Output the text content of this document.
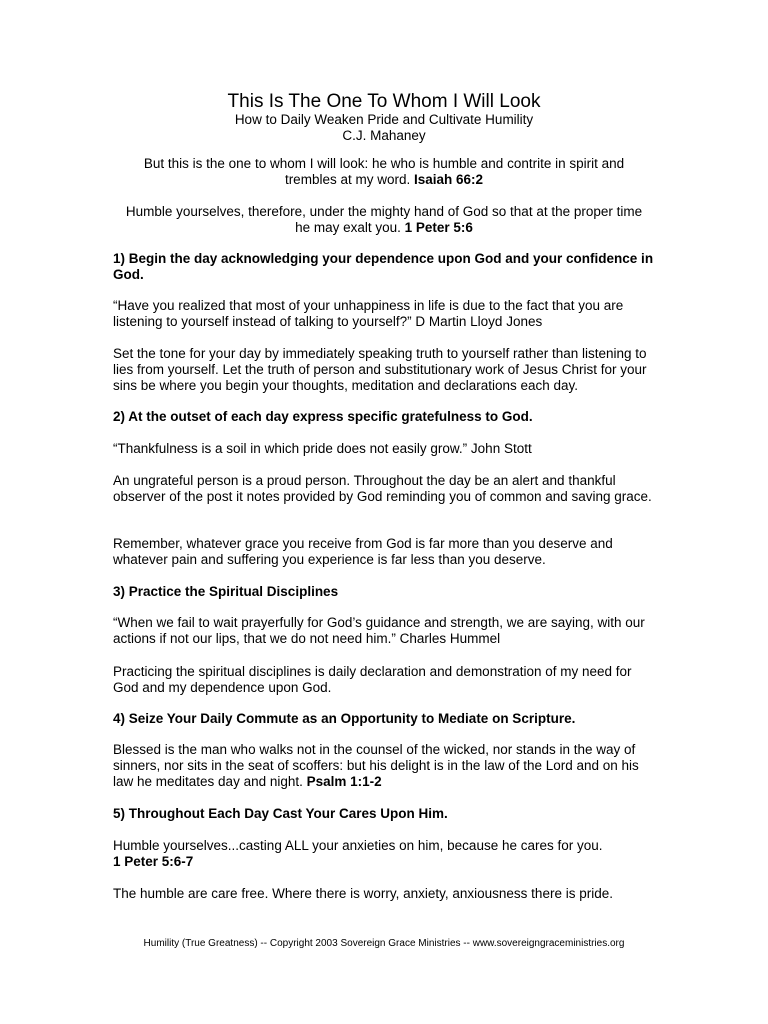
This Is The One To Whom I Will Look
How to Daily Weaken Pride and Cultivate Humility
C.J. Mahaney
But this is the one to whom I will look: he who is humble and contrite in spirit and trembles at my word. Isaiah 66:2
Humble yourselves, therefore, under the mighty hand of God so that at the proper time he may exalt you. 1 Peter 5:6

1) Begin the day acknowledging your dependence upon God and your confidence in God.

“Have you realized that most of your unhappiness in life is due to the fact that you are listening to yourself instead of talking to yourself?” D Martin Lloyd Jones

Set the tone for your day by immediately speaking truth to yourself rather than listening to lies from yourself. Let the truth of person and substitutionary work of Jesus Christ for your sins be where you begin your thoughts, meditation and declarations each day.

2) At the outset of each day express specific gratefulness to God.

“Thankfulness is a soil in which pride does not easily grow.” John Stott

An ungrateful person is a proud person. Throughout the day be an alert and thankful observer of the post it notes provided by God reminding you of common and saving grace.

Remember, whatever grace you receive from God is far more than you deserve and whatever pain and suffering you experience is far less than you deserve.

3) Practice the Spiritual Disciplines

“When we fail to wait prayerfully for God’s guidance and strength, we are saying, with our actions if not our lips, that we do not need him.” Charles Hummel

Practicing the spiritual disciplines is daily declaration and demonstration of my need for God and my dependence upon God.

4) Seize Your Daily Commute as an Opportunity to Mediate on Scripture.

Blessed is the man who walks not in the counsel of the wicked, nor stands in the way of sinners, nor sits in the seat of scoffers: but his delight is in the law of the Lord and on his law he meditates day and night. Psalm 1:1-2

5) Throughout Each Day Cast Your Cares Upon Him.

Humble yourselves...casting ALL your anxieties on him, because he cares for you.
1 Peter 5:6-7

The humble are care free. Where there is worry, anxiety, anxiousness there is pride.

Humility (True Greatness) -- Copyright 2003 Sovereign Grace Ministries -- www.sovereigngraceministries.org
